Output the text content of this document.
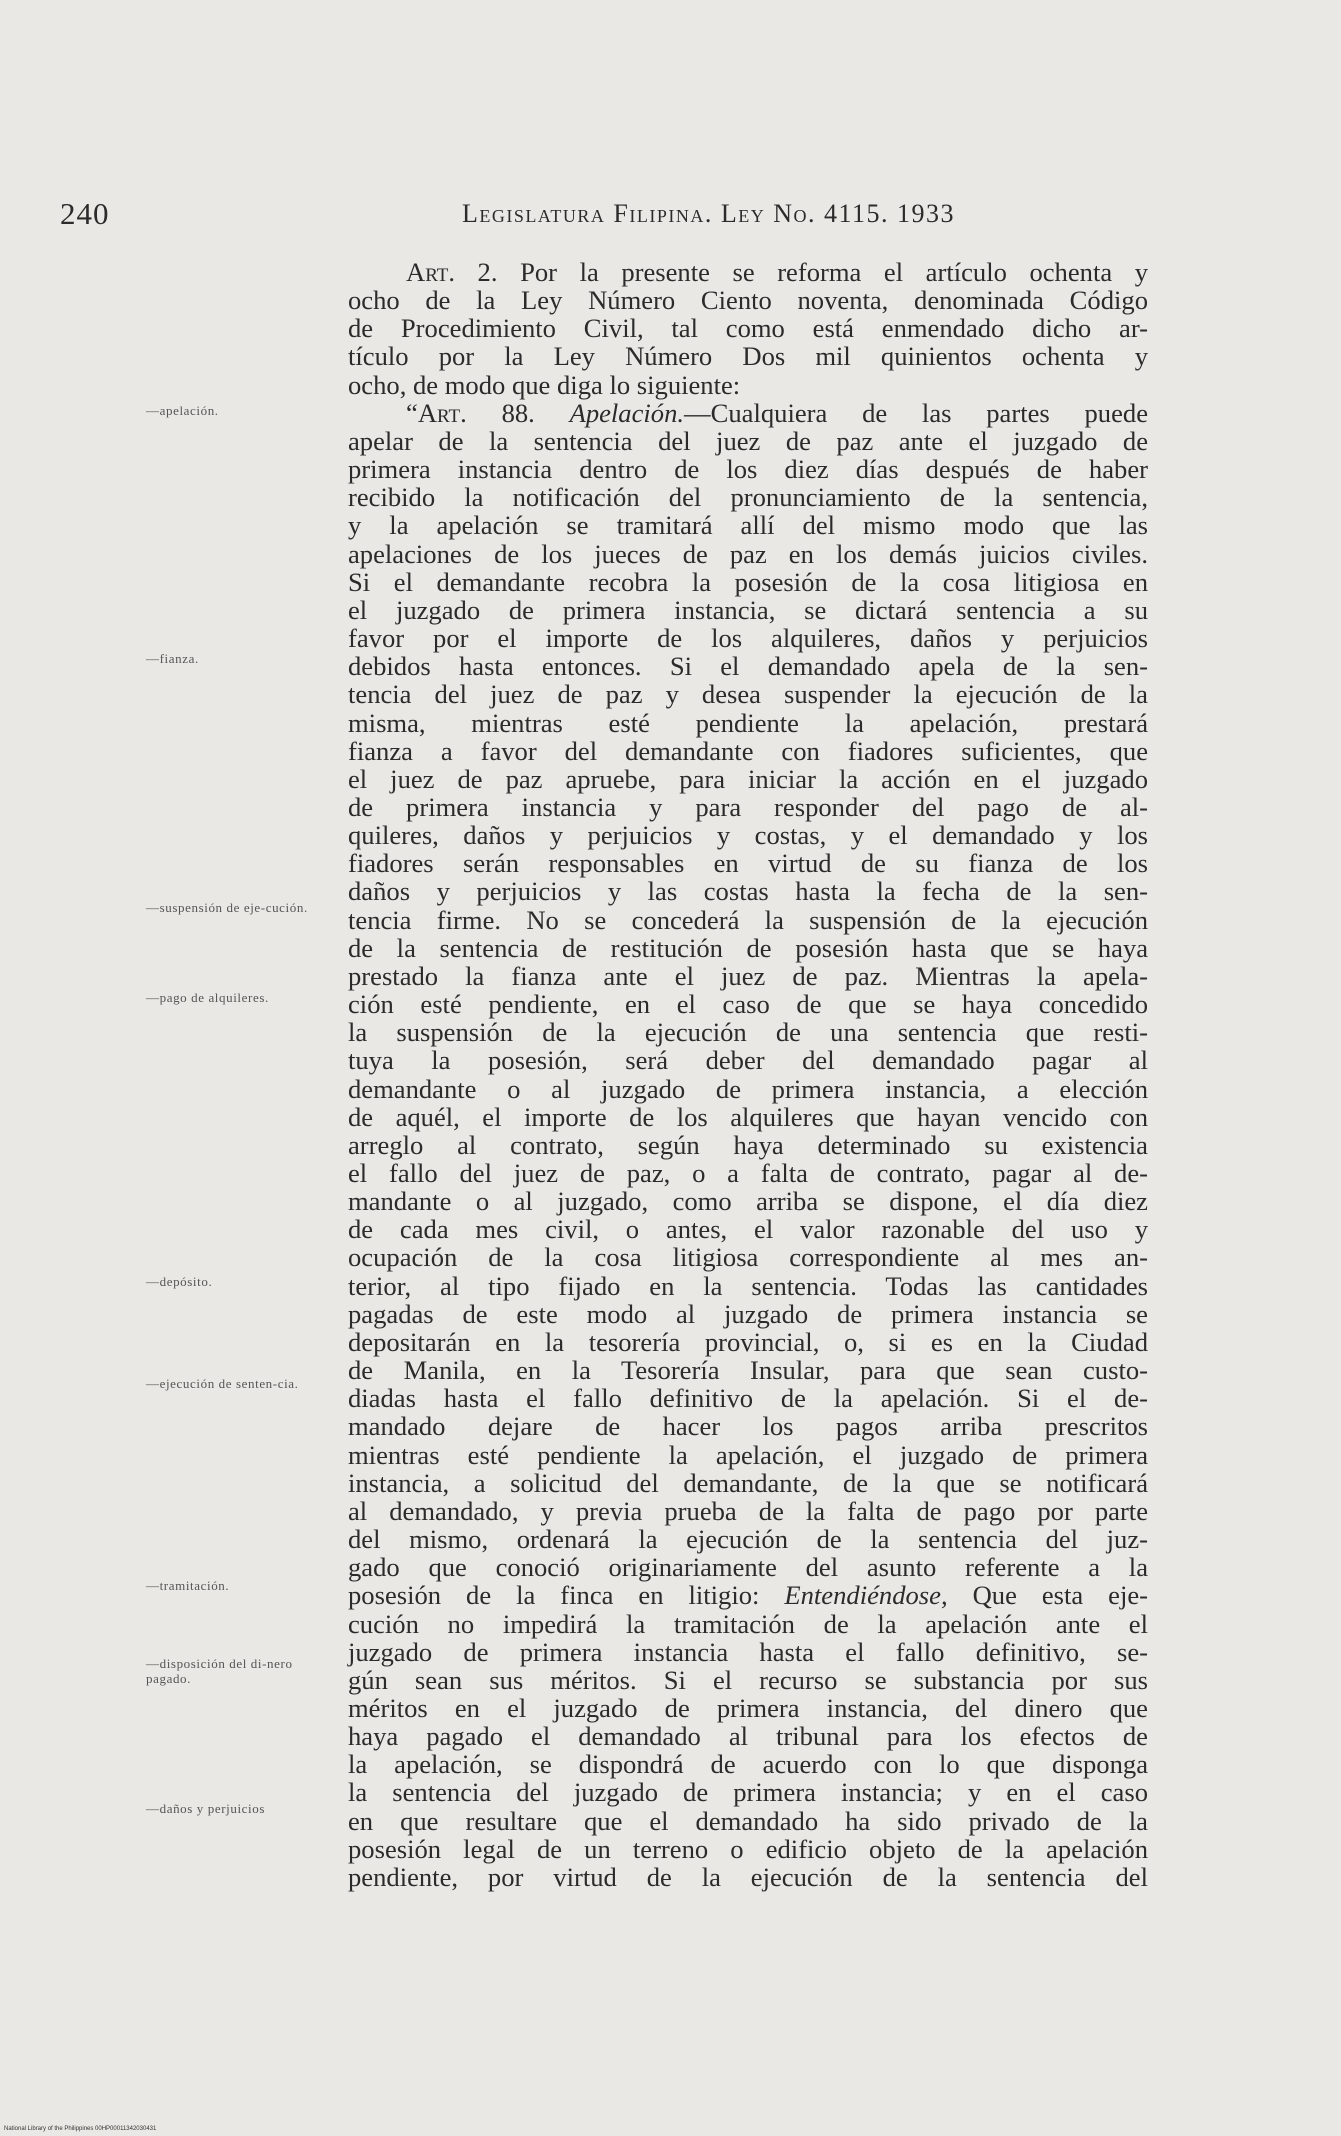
240	Legislatura Filipina. Ley No. 4115. 1933
Art. 2. Por la presente se reforma el artículo ochenta y
ocho de la Ley Número Ciento noventa, denominada Código
de Procedimiento Civil, tal como está enmendado dicho ar-
tículo por la Ley Número Dos mil quinientos ochenta y
ocho, de modo que diga lo siguiente:
“Art. 88. Apelación.—Cualquiera de las partes puede
apelar de la sentencia del juez de paz ante el juzgado de
primera instancia dentro de los diez días después de haber
recibido la notificación del pronunciamiento de la sentencia,
y la apelación se tramitará allí del mismo modo que las
apelaciones de los jueces de paz en los demás juicios civiles.
Si el demandante recobra la posesión de la cosa litigiosa en
el juzgado de primera instancia, se dictará sentencia a su
favor por el importe de los alquileres, daños y perjuicios
debidos hasta entonces. Si el demandado apela de la sen-
tencia del juez de paz y desea suspender la ejecución de la
misma, mientras esté pendiente la apelación, prestará
fianza a favor del demandante con fiadores suficientes, que
el juez de paz apruebe, para iniciar la acción en el juzgado
de primera instancia y para responder del pago de al-
quileres, daños y perjuicios y costas, y el demandado y los
fiadores serán responsables en virtud de su fianza de los
daños y perjuicios y las costas hasta la fecha de la sen-
tencia firme. No se concederá la suspensión de la ejecución
de la sentencia de restitución de posesión hasta que se haya
prestado la fianza ante el juez de paz. Mientras la apela-
ción esté pendiente, en el caso de que se haya concedido
la suspensión de la ejecución de una sentencia que resti-
tuya la posesión, será deber del demandado pagar al
demandante o al juzgado de primera instancia, a elección
de aquél, el importe de los alquileres que hayan vencido con
arreglo al contrato, según haya determinado su existencia
el fallo del juez de paz, o a falta de contrato, pagar al de-
mandante o al juzgado, como arriba se dispone, el día diez
de cada mes civil, o antes, el valor razonable del uso y
ocupación de la cosa litigiosa correspondiente al mes an-
terior, al tipo fijado en la sentencia. Todas las cantidades
pagadas de este modo al juzgado de primera instancia se
depositarán en la tesorería provincial, o, si es en la Ciudad
de Manila, en la Tesorería Insular, para que sean custo-
diadas hasta el fallo definitivo de la apelación. Si el de-
mandado dejare de hacer los pagos arriba prescritos
mientras esté pendiente la apelación, el juzgado de primera
instancia, a solicitud del demandante, de la que se notificará
al demandado, y previa prueba de la falta de pago por parte
del mismo, ordenará la ejecución de la sentencia del juz-
gado que conoció originariamente del asunto referente a la
posesión de la finca en litigio: Entendiéndose, Que esta eje-
cución no impedirá la tramitación de la apelación ante el
juzgado de primera instancia hasta el fallo definitivo, se-
gún sean sus méritos. Si el recurso se substancia por sus
méritos en el juzgado de primera instancia, del dinero que
haya pagado el demandado al tribunal para los efectos de
la apelación, se dispondrá de acuerdo con lo que disponga
la sentencia del juzgado de primera instancia; y en el caso
en que resultare que el demandado ha sido privado de la
posesión legal de un terreno o edificio objeto de la apelación
pendiente, por virtud de la ejecución de la sentencia del
—apelación.
—fianza.
—suspensión de eje-cución.
—pago de alquileres.
—depósito.
—ejecución de senten-cia.
—tramitación.
—disposición del di-nero pagado.
—daños y perjuicios
National Library of the Philippines 00HP00011342030431
